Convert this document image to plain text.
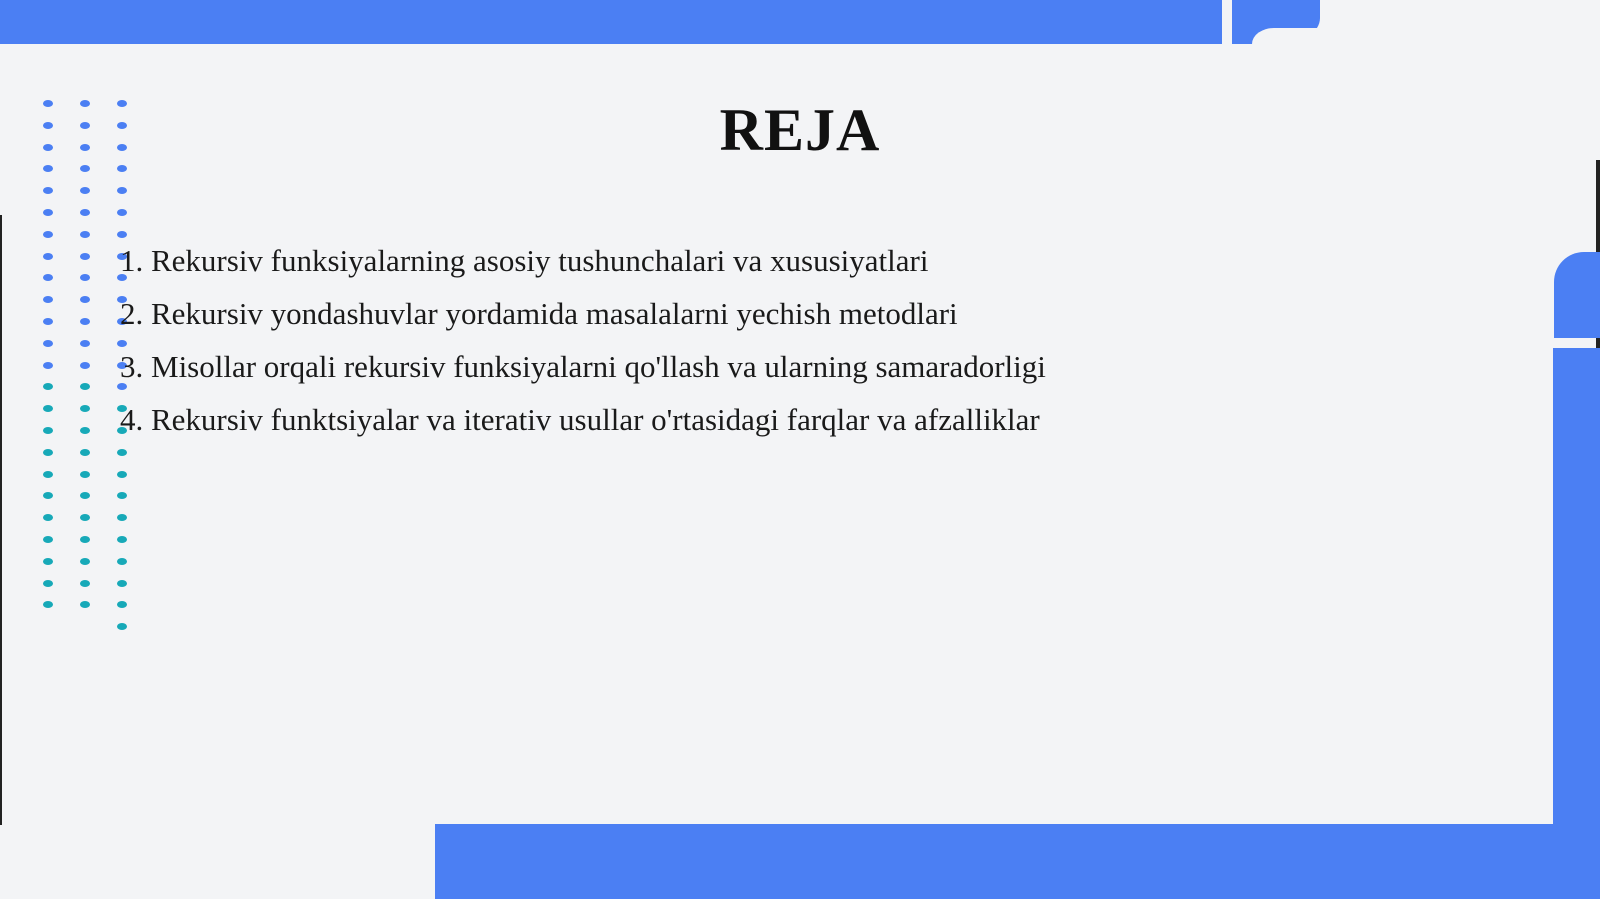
REJA
1. Rekursiv funksiyalarning asosiy tushunchalari va xususiyatlari
2. Rekursiv yondashuvlar yordamida masalalarni yechish metodlari
3. Misollar orqali rekursiv funksiyalarni qo'llash va ularning samaradorligi
4. Rekursiv funktsiyalar va iterativ usullar o'rtasidagi farqlar va afzalliklar
